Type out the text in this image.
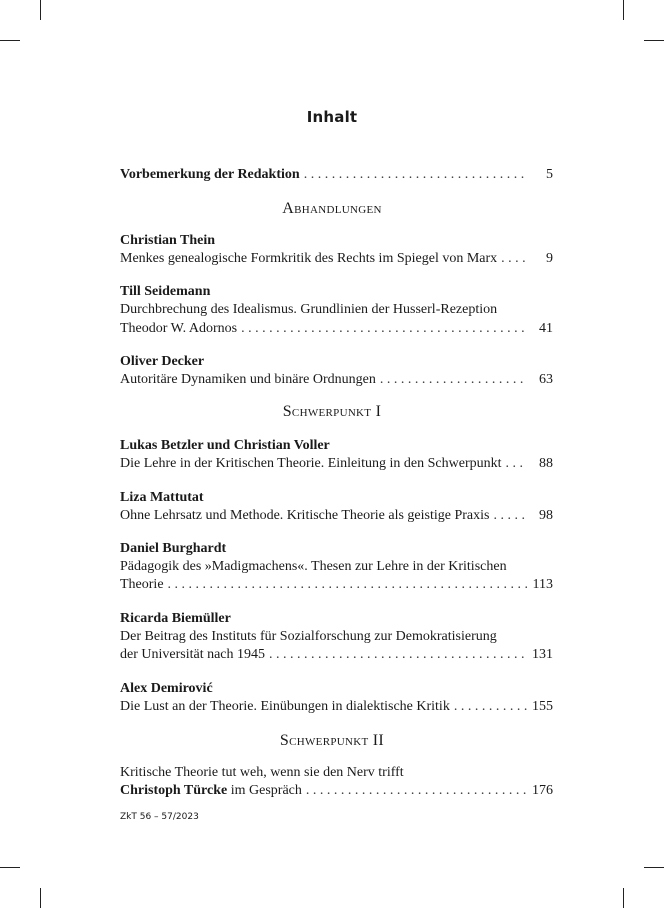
Inhalt
Vorbemerkung der Redaktion . . .	5
Abhandlungen
Christian Thein
Menkes genealogische Formkritik des Rechts im Spiegel von Marx . . .	9
Till Seidemann
Durchbrechung des Idealismus. Grundlinien der Husserl-Rezeption
Theodor W. Adornos . . .	41
Oliver Decker
Autoritäre Dynamiken und binäre Ordnungen . . .	63
Schwerpunkt I
Lukas Betzler und Christian Voller
Die Lehre in der Kritischen Theorie. Einleitung in den Schwerpunkt . . .	88
Liza Mattutat
Ohne Lehrsatz und Methode. Kritische Theorie als geistige Praxis . . .	98
Daniel Burghardt
Pädagogik des »Madigmachens«. Thesen zur Lehre in der Kritischen
Theorie . . .	113
Ricarda Biemüller
Der Beitrag des Instituts für Sozialforschung zur Demokratisierung
der Universität nach 1945 . . .	131
Alex Demirović
Die Lust an der Theorie. Einübungen in dialektische Kritik . . .	155
Schwerpunkt II
Kritische Theorie tut weh, wenn sie den Nerv trifft
Christoph Türcke im Gespräch . . .	176
ZkT 56 – 57/2023
